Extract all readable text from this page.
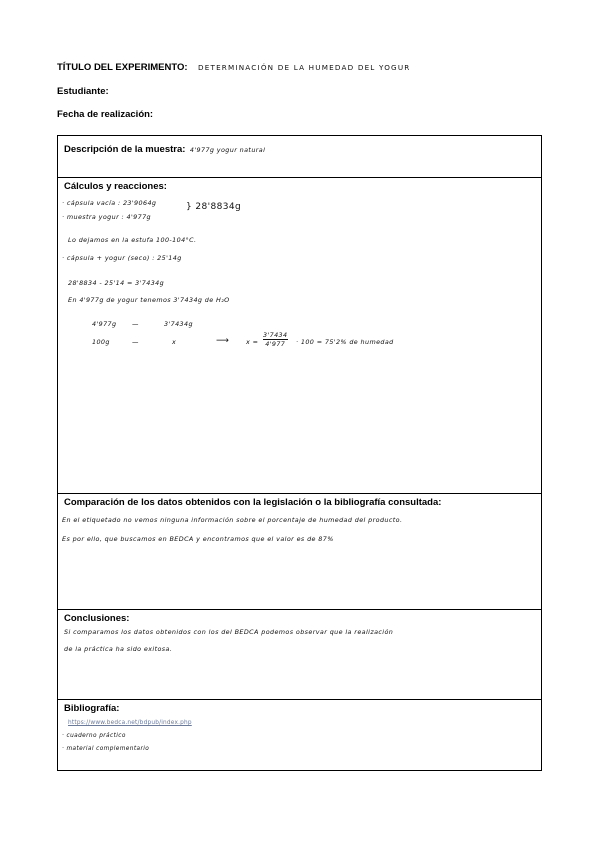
TÍTULO DEL EXPERIMENTO: DETERMINACIÓN DE LA HUMEDAD DEL YOGUR
Estudiante:
Fecha de realización:
Descripción de la muestra: 4'977g yogur natural
Cálculos y reacciones:
· cápsula vacía : 23'9064g
· muestra yogur : 4'977g
} 28'8834g
Lo dejamos en la estufa 100-104°C.
· cápsula + yogur (seco) : 25'14g
28'8834 - 25'14 = 3'7434g
En 4'977g de yogur tenemos 3'7434g de H₂O
4'977g —	3'7434g
100g	—	x	⟶	$x = \frac{3'7434}{4'977} \cdot 100 = 75'2\%$ de humedad
Comparación de los datos obtenidos con la legislación o la bibliografía consultada:
En el etiquetado no vemos ninguna información sobre el porcentaje de humedad del producto.
Es por ello, que buscamos en BEDCA y encontramos que el valor es de 87%
Conclusiones:
Si comparamos los datos obtenidos con los del BEDCA podemos observar que la realización
de la práctica ha sido exitosa.
Bibliografía:
https://www.bedca.net/bdpub/index.php
· cuaderno práctico
· material complementario
